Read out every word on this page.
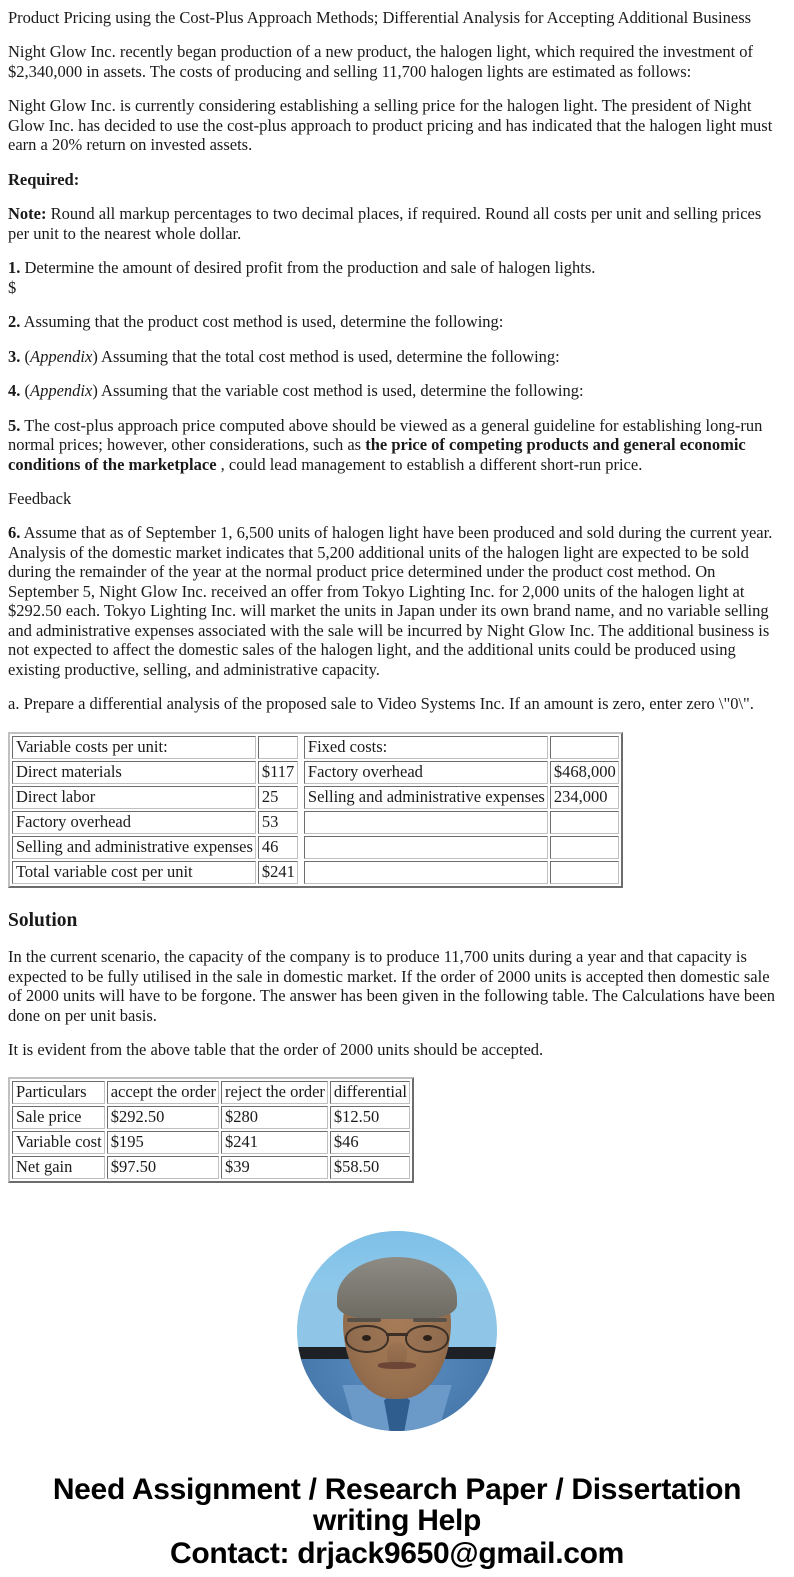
Product Pricing using the Cost-Plus Approach Methods; Differential Analysis for Accepting Additional Business

Night Glow Inc. recently began production of a new product, the halogen light, which required the investment of $2,340,000 in assets. The costs of producing and selling 11,700 halogen lights are estimated as follows:

Night Glow Inc. is currently considering establishing a selling price for the halogen light. The president of Night Glow Inc. has decided to use the cost-plus approach to product pricing and has indicated that the halogen light must earn a 20% return on invested assets.

Required:

Note: Round all markup percentages to two decimal places, if required. Round all costs per unit and selling prices per unit to the nearest whole dollar.

1. Determine the amount of desired profit from the production and sale of halogen lights.
$

2. Assuming that the product cost method is used, determine the following:

3. (Appendix) Assuming that the total cost method is used, determine the following:

4. (Appendix) Assuming that the variable cost method is used, determine the following:

5. The cost-plus approach price computed above should be viewed as a general guideline for establishing long-run normal prices; however, other considerations, such as the price of competing products and general economic conditions of the marketplace , could lead management to establish a different short-run price.

Feedback

6. Assume that as of September 1, 6,500 units of halogen light have been produced and sold during the current year. Analysis of the domestic market indicates that 5,200 additional units of the halogen light are expected to be sold during the remainder of the year at the normal product price determined under the product cost method. On September 5, Night Glow Inc. received an offer from Tokyo Lighting Inc. for 2,000 units of the halogen light at $292.50 each. Tokyo Lighting Inc. will market the units in Japan under its own brand name, and no variable selling and administrative expenses associated with the sale will be incurred by Night Glow Inc. The additional business is not expected to affect the domestic sales of the halogen light, and the additional units could be produced using existing productive, selling, and administrative capacity.

a. Prepare a differential analysis of the proposed sale to Video Systems Inc. If an amount is zero, enter zero \"0\".

Variable costs per unit:			Fixed costs:	
Direct materials	$117		Factory overhead	$468,000
Direct labor	25		Selling and administrative expenses	234,000
Factory overhead	53			
Selling and administrative expenses	46			
Total variable cost per unit	$241			
Solution

In the current scenario, the capacity of the company is to produce 11,700 units during a year and that capacity is expected to be fully utilised in the sale in domestic market. If the order of 2000 units is accepted then domestic sale of 2000 units will have to be forgone. The answer has been given in the following table. The Calculations have been done on per unit basis.

It is evident from the above table that the order of 2000 units should be accepted.

Particulars	accept the order	reject the order	differential
Sale price	$292.50	$280	$12.50
Variable cost	$195	$241	$46
Net gain	$97.50	$39	$58.50
Need Assignment / Research Paper / Dissertation
writing Help
Contact: drjack9650@gmail.com
